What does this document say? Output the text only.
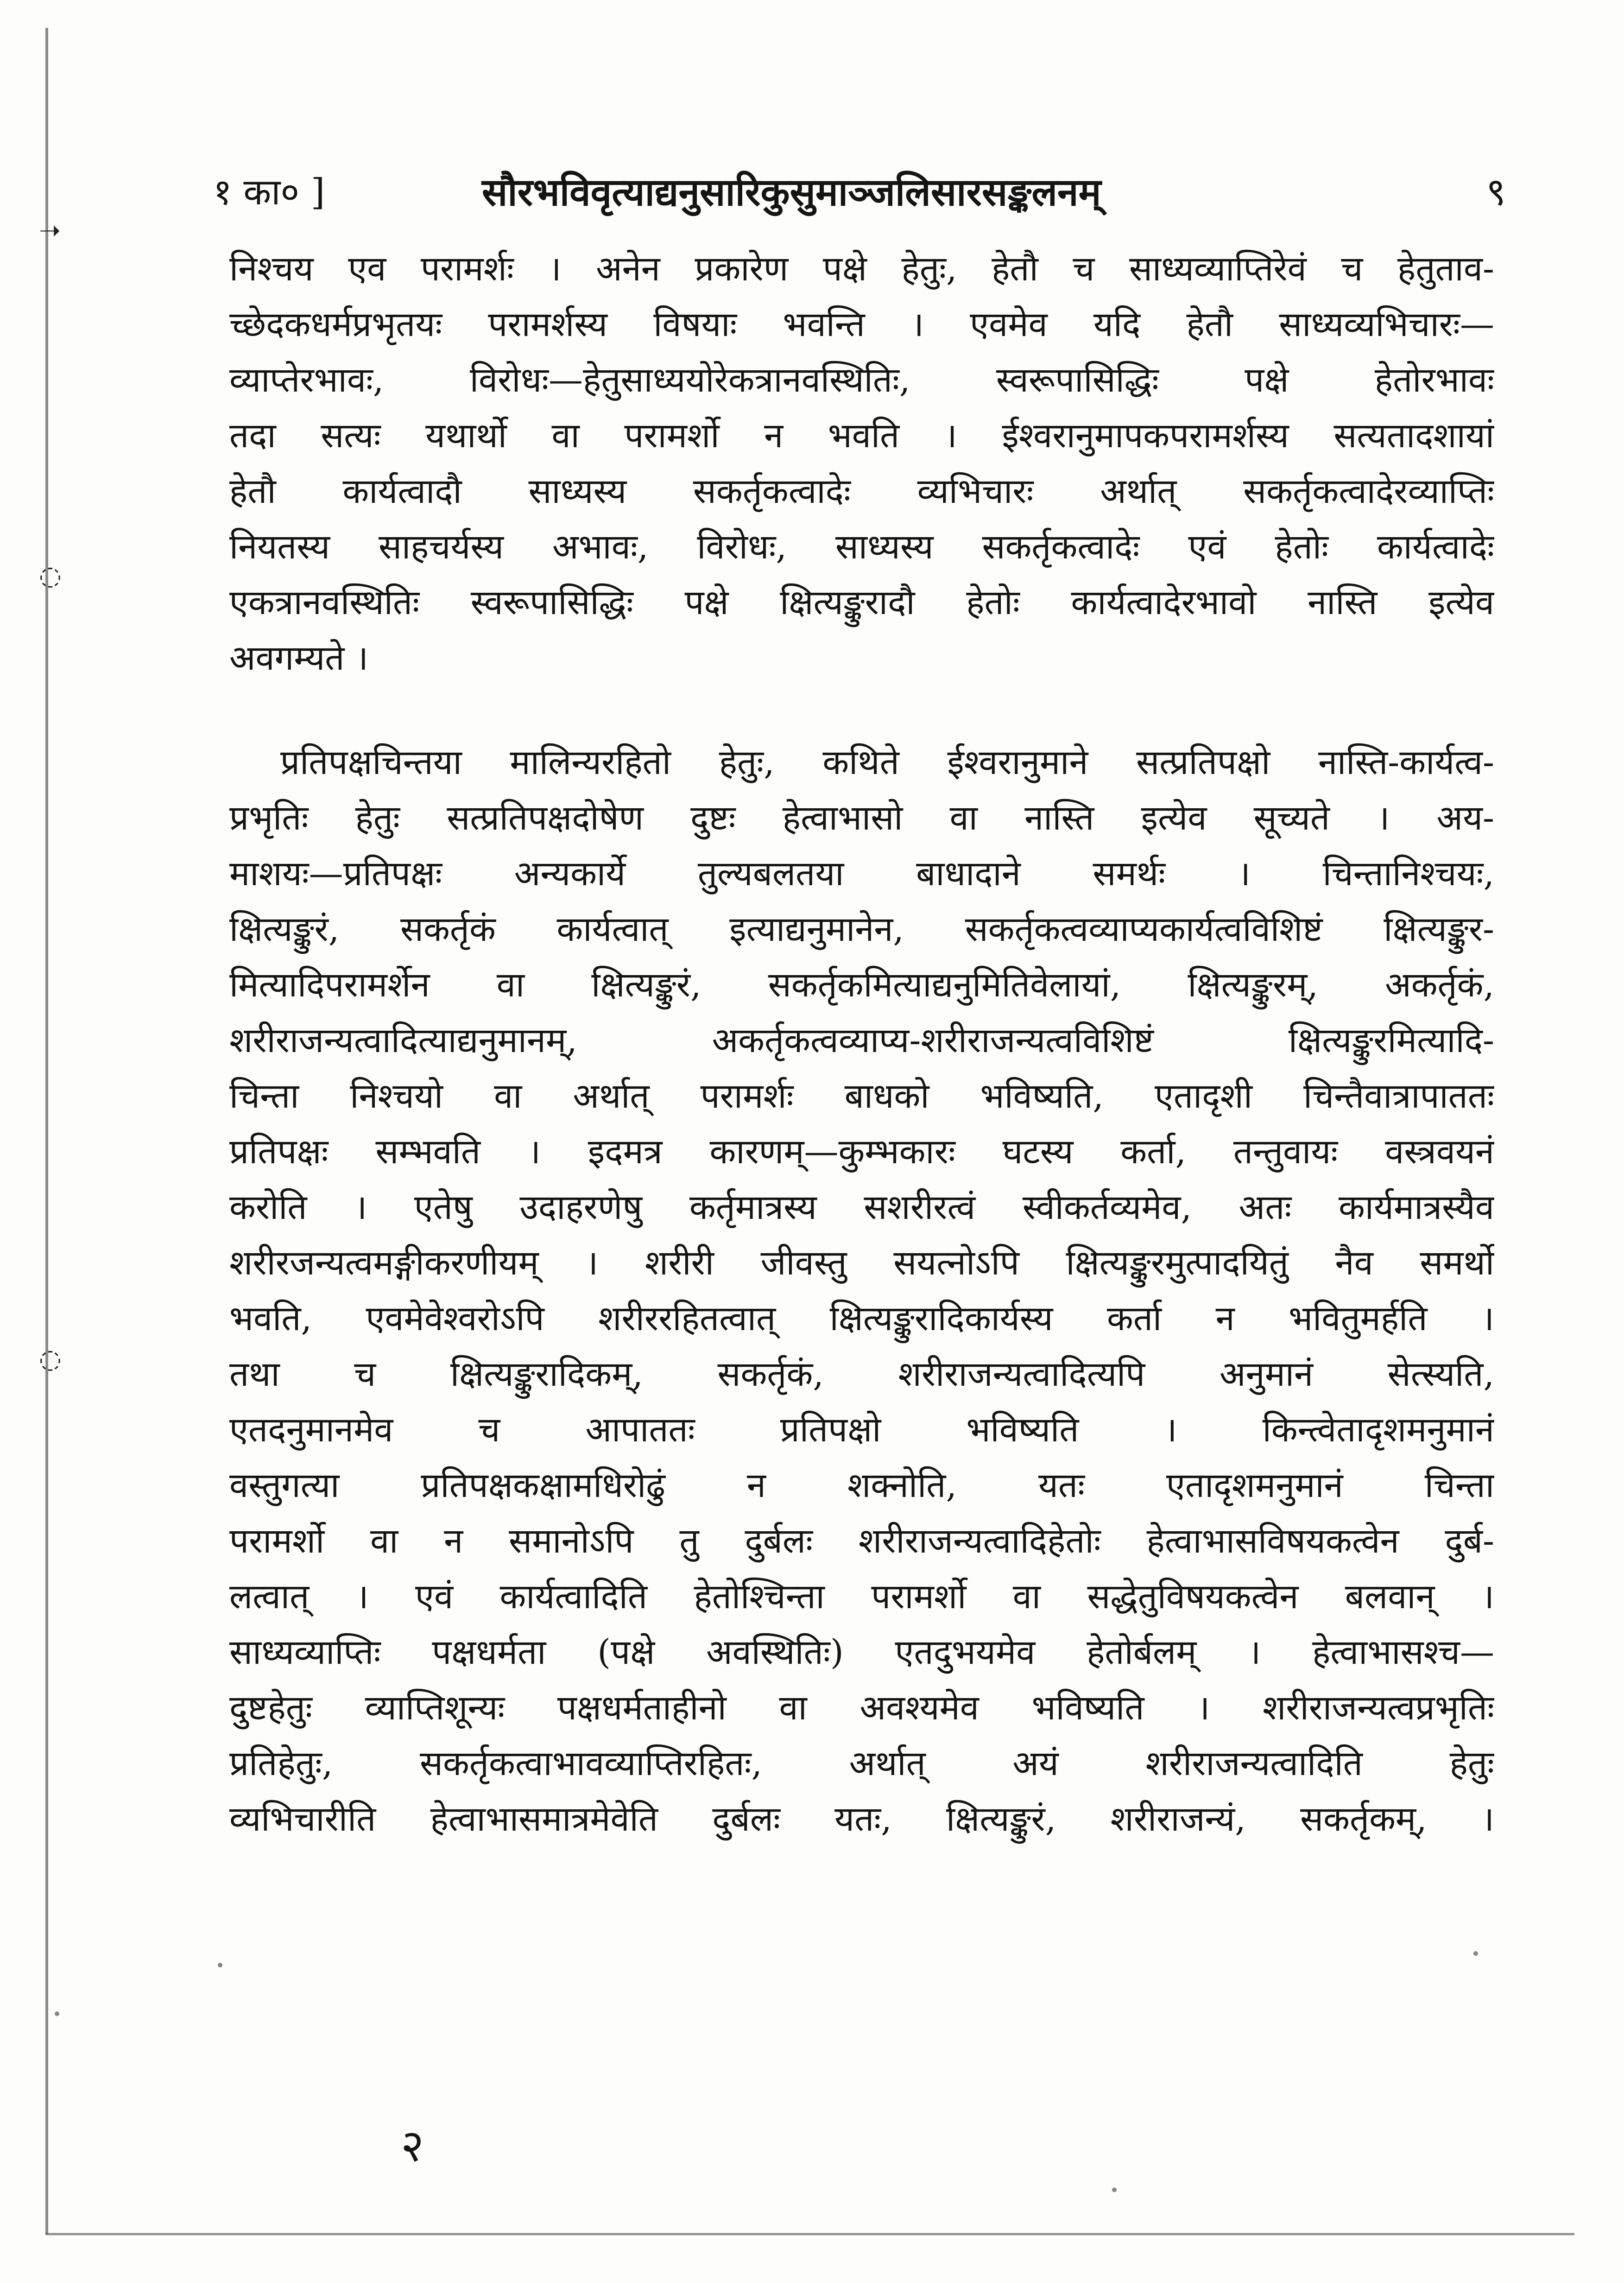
➝
◌
◌
१ का० ]	सौरभविवृत्याद्यनुसारिकुसुमाञ्जलिसारसङ्कलनम्	९
निश्चय एव परामर्शः । अनेन प्रकारेण पक्षे हेतुः, हेतौ च साध्यव्याप्तिरेवं च हेतुताव-
च्छेदकधर्मप्रभृतयः परामर्शस्य विषयाः भवन्ति । एवमेव यदि हेतौ साध्यव्यभिचारः—
व्याप्तेरभावः, विरोधः—हेतुसाध्ययोरेकत्रानवस्थितिः, स्वरूपासिद्धिः पक्षे हेतोरभावः
तदा सत्यः यथार्थो वा परामर्शो न भवति । ईश्वरानुमापकपरामर्शस्य सत्यतादशायां
हेतौ कार्यत्वादौ साध्यस्य सकर्तृकत्वादेः व्यभिचारः अर्थात् सकर्तृकत्वादेरव्याप्तिः
नियतस्य साहचर्यस्य अभावः, विरोधः, साध्यस्य सकर्तृकत्वादेः एवं हेतोः कार्यत्वादेः
एकत्रानवस्थितिः स्वरूपासिद्धिः पक्षे क्षित्यङ्कुरादौ हेतोः कार्यत्वादेरभावो नास्ति इत्येव
अवगम्यते ।
प्रतिपक्षचिन्तया मालिन्यरहितो हेतुः, कथिते ईश्वरानुमाने सत्प्रतिपक्षो नास्ति-कार्यत्व-
प्रभृतिः हेतुः सत्प्रतिपक्षदोषेण दुष्टः हेत्वाभासो वा नास्ति इत्येव सूच्यते । अय-
माशयः—प्रतिपक्षः अन्यकार्ये तुल्यबलतया बाधादाने समर्थः । चिन्तानिश्चयः,
क्षित्यङ्कुरं, सकर्तृकं कार्यत्वात् इत्याद्यनुमानेन, सकर्तृकत्वव्याप्यकार्यत्वविशिष्टं क्षित्यङ्कुर-
मित्यादिपरामर्शेन वा क्षित्यङ्कुरं, सकर्तृकमित्याद्यनुमितिवेलायां, क्षित्यङ्कुरम्, अकर्तृकं,
शरीराजन्यत्वादित्याद्यनुमानम्, अकर्तृकत्वव्याप्य-शरीराजन्यत्वविशिष्टं क्षित्यङ्कुरमित्यादि-
चिन्ता निश्चयो वा अर्थात् परामर्शः बाधको भविष्यति, एतादृशी चिन्तैवात्रापाततः
प्रतिपक्षः सम्भवति । इदमत्र कारणम्—कुम्भकारः घटस्य कर्ता, तन्तुवायः वस्त्रवयनं
करोति । एतेषु उदाहरणेषु कर्तृमात्रस्य सशरीरत्वं स्वीकर्तव्यमेव, अतः कार्यमात्रस्यैव
शरीरजन्यत्वमङ्गीकरणीयम् । शरीरी जीवस्तु सयत्नोऽपि क्षित्यङ्कुरमुत्पादयितुं नैव समर्थो
भवति, एवमेवेश्वरोऽपि शरीररहितत्वात् क्षित्यङ्कुरादिकार्यस्य कर्ता न भवितुमर्हति ।
तथा च क्षित्यङ्कुरादिकम्, सकर्तृकं, शरीराजन्यत्वादित्यपि अनुमानं सेत्स्यति,
एतदनुमानमेव च आपाततः प्रतिपक्षो भविष्यति । किन्त्वेतादृशमनुमानं
वस्तुगत्या प्रतिपक्षकक्षामधिरोढुं न शक्नोति, यतः एतादृशमनुमानं चिन्ता
परामर्शो वा न समानोऽपि तु दुर्बलः शरीराजन्यत्वादिहेतोः हेत्वाभासविषयकत्वेन दुर्ब-
लत्वात् । एवं कार्यत्वादिति हेतोश्चिन्ता परामर्शो वा सद्धेतुविषयकत्वेन बलवान् ।
साध्यव्याप्तिः पक्षधर्मता (पक्षे अवस्थितिः) एतदुभयमेव हेतोर्बलम् । हेत्वाभासश्च—
दुष्टहेतुः व्याप्तिशून्यः पक्षधर्मताहीनो वा अवश्यमेव भविष्यति । शरीराजन्यत्वप्रभृतिः
प्रतिहेतुः, सकर्तृकत्वाभावव्याप्तिरहितः, अर्थात् अयं शरीराजन्यत्वादिति हेतुः
व्यभिचारीति हेत्वाभासमात्रमेवेति दुर्बलः यतः, क्षित्यङ्कुरं, शरीराजन्यं, सकर्तृकम्, ।
२
